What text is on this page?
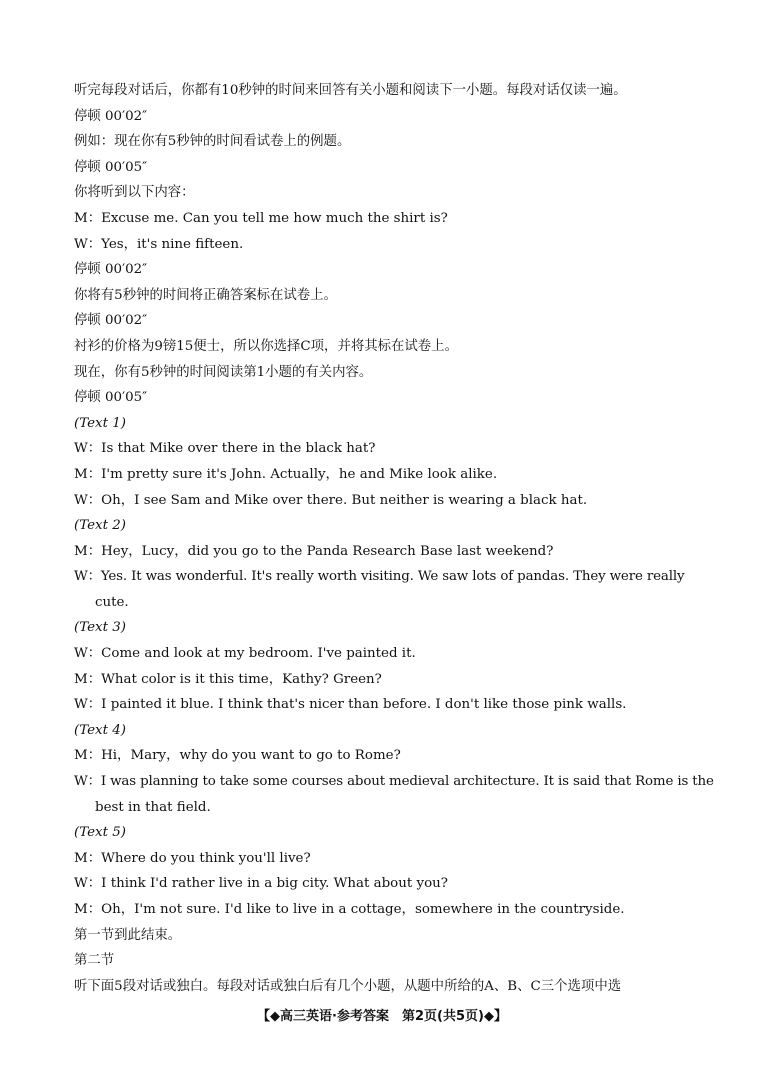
听完每段对话后，你都有10秒钟的时间来回答有关小题和阅读下一小题。每段对话仅读一遍。
停顿 00′02″
例如：现在你有5秒钟的时间看试卷上的例题。
停顿 00′05″
你将听到以下内容：
M：Excuse me. Can you tell me how much the shirt is?
W：Yes，it's nine fifteen.
停顿 00′02″
你将有5秒钟的时间将正确答案标在试卷上。
停顿 00′02″
衬衫的价格为9镑15便士，所以你选择C项，并将其标在试卷上。
现在，你有5秒钟的时间阅读第1小题的有关内容。
停顿 00′05″
(Text 1)
W：Is that Mike over there in the black hat?
M：I'm pretty sure it's John. Actually，he and Mike look alike.
W：Oh，I see Sam and Mike over there. But neither is wearing a black hat.
(Text 2)
M：Hey，Lucy，did you go to the Panda Research Base last weekend?
W：Yes. It was wonderful. It's really worth visiting. We saw lots of pandas. They were really
cute.
(Text 3)
W：Come and look at my bedroom. I've painted it.
M：What color is it this time，Kathy? Green?
W：I painted it blue. I think that's nicer than before. I don't like those pink walls.
(Text 4)
M：Hi，Mary，why do you want to go to Rome?
W：I was planning to take some courses about medieval architecture. It is said that Rome is the
best in that field.
(Text 5)
M：Where do you think you'll live?
W：I think I'd rather live in a big city. What about you?
M：Oh，I'm not sure. I'd like to live in a cottage，somewhere in the countryside.
第一节到此结束。
第二节
听下面5段对话或独白。每段对话或独白后有几个小题，从题中所给的A、B、C三个选项中选
【◆高三英语·参考答案　第2页(共5页)◆】
